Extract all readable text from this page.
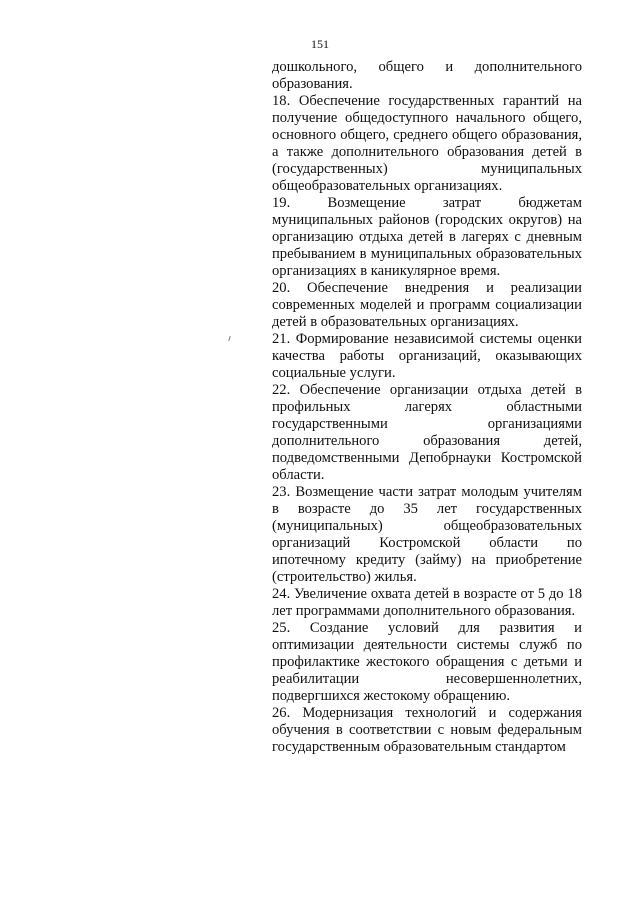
151

дошкольного, общего и дополнительного образования.

18. Обеспечение государственных гарантий на получение общедоступного начального общего, основного общего, среднего общего образования, а также дополнительного образования детей в (государственных) муниципальных общеобразовательных организациях.

19. Возмещение затрат бюджетам муниципальных районов (городских округов) на организацию отдыха детей в лагерях с дневным пребыванием в муниципальных образовательных организациях в каникулярное время.

20. Обеспечение внедрения и реализации современных моделей и программ социализации детей в образовательных организациях.

21. Формирование независимой системы оценки качества работы организаций, оказывающих социальные услуги.

22. Обеспечение организации отдыха детей в профильных лагерях областными государственными организациями дополнительного образования детей, подведомственными Депобрнауки Костромской области.

23. Возмещение части затрат молодым учителям в возрасте до 35 лет государственных (муниципальных) общеобразовательных организаций Костромской области по ипотечному кредиту (займу) на приобретение (строительство) жилья.

24. Увеличение охвата детей в возрасте от 5 до 18 лет программами дополнительного образования.

25. Создание условий для развития и оптимизации деятельности системы служб по профилактике жестокого обращения с детьми и реабилитации несовершеннолетних, подвергшихся жестокому обращению.

26. Модернизация технологий и содержания обучения в соответствии с новым федеральным государственным образовательным стандартом
